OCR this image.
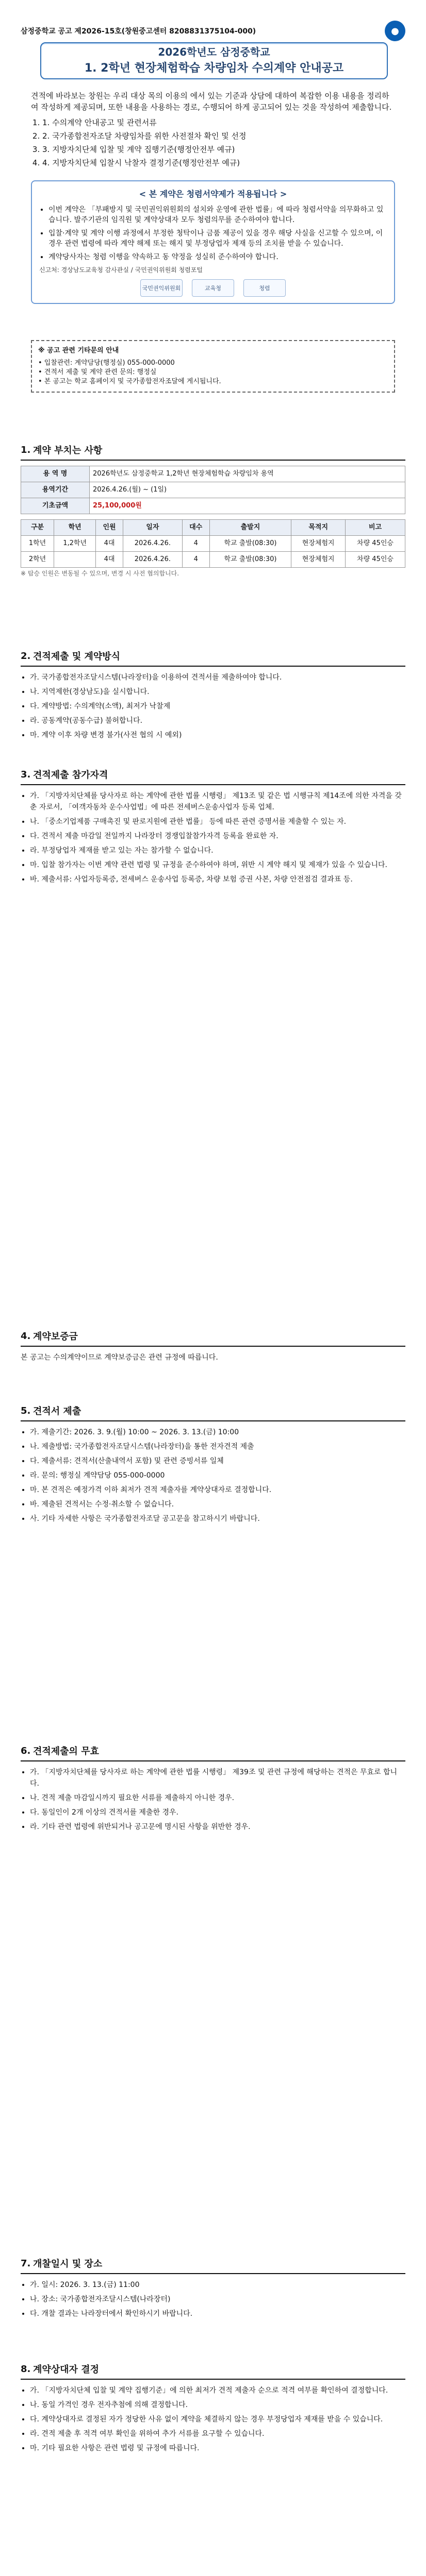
삼정중학교 공고 제2026-15호(창원중고센터 8208831375104-000)	●
2026학년도 삼정중학교
1. 2학년 현장체험학습 차량임차 수의계약 안내공고

견적에 바라보는 창원는 우리 대상 목의 이용의 에서 있는 기준과 상담에 대하여 복잡한 이용 내용을 정리하여 작성하게 제공되며, 또한 내용을 사용하는 경로, 수행되어 하게 공고되어 있는 것을 작성하여 제출합니다.

1. 1. 수의계약 안내공고 및 관련서류
2. 2. 국가종합전자조달 차량임차를 위한 사전절차 확인 및 선정
3. 3. 지방자치단체 입찰 및 계약 집행기준(행정안전부 예규)
4. 4. 지방자치단체 입찰시 낙찰자 결정기준(행정안전부 예규)
< 본 계약은 청렴서약제가 적용됩니다 >
• 이번 계약은 「부패방지 및 국민권익위원회의 설치와 운영에 관한 법률」에 따라 청렴서약을 의무화하고 있습니다. 발주기관의 임직원 및 계약상대자 모두 청렴의무를 준수하여야 합니다.
• 입찰·계약 및 계약 이행 과정에서 부정한 청탁이나 금품 제공이 있을 경우 해당 사실을 신고할 수 있으며, 이 경우 관련 법령에 따라 계약 해제 또는 해지 및 부정당업자 제재 등의 조치를 받을 수 있습니다.
• 계약당사자는 청렴 이행을 약속하고 동 약정을 성실히 준수하여야 합니다.
신고처: 경상남도교육청 감사관실 / 국민권익위원회 청렴포털
국민권익위원회	교육청	청렴
※ 공고 관련 기타문의 안내
• 입찰관련: 계약담당(행정실) 055-000-0000
• 견적서 제출 및 계약 관련 문의: 행정실
• 본 공고는 학교 홈페이지 및 국가종합전자조달에 게시됩니다.
1. 계약 부치는 사항
용 역 명	2026학년도 삼정중학교 1,2학년 현장체험학습 차량임차 용역
용역기간	2026.4.26.(월) ~ (1일)
기초금액	25,100,000원
구분	학년	인원	일자	대수	출발지	목적지	비고
1학년	1,2학년	4대	2026.4.26.	4	학교 출발(08:30)	현장체험지	차량 45인승
2학년		4대	2026.4.26.	4	학교 출발(08:30)	현장체험지	차량 45인승

※ 탑승 인원은 변동될 수 있으며, 변경 시 사전 협의합니다.

2. 견적제출 및 계약방식
• 가. 국가종합전자조달시스템(나라장터)을 이용하여 견적서를 제출하여야 합니다.
• 나. 지역제한(경상남도)을 실시합니다.
• 다. 계약방법: 수의계약(소액), 최저가 낙찰제
• 라. 공동계약(공동수급) 불허합니다.
• 마. 계약 이후 차량 변경 불가(사전 협의 시 예외)
3. 견적제출 참가자격
• 가. 「지방자치단체를 당사자로 하는 계약에 관한 법률 시행령」 제13조 및 같은 법 시행규칙 제14조에 의한 자격을 갖춘 자로서, 「여객자동차 운수사업법」에 따른 전세버스운송사업자 등록 업체.
• 나. 「중소기업제품 구매촉진 및 판로지원에 관한 법률」 등에 따른 관련 증명서를 제출할 수 있는 자.
• 다. 견적서 제출 마감일 전일까지 나라장터 경쟁입찰참가자격 등록을 완료한 자.
• 라. 부정당업자 제재를 받고 있는 자는 참가할 수 없습니다.
• 마. 입찰 참가자는 이번 계약 관련 법령 및 규정을 준수하여야 하며, 위반 시 계약 해지 및 제재가 있을 수 있습니다.
• 바. 제출서류: 사업자등록증, 전세버스 운송사업 등록증, 차량 보험 증권 사본, 차량 안전점검 결과표 등.
4. 계약보증금

본 공고는 수의계약이므로 계약보증금은 관련 규정에 따릅니다.

5. 견적서 제출
• 가. 제출기간: 2026. 3. 9.(월) 10:00 ~ 2026. 3. 13.(금) 10:00
• 나. 제출방법: 국가종합전자조달시스템(나라장터)을 통한 전자견적 제출
• 다. 제출서류: 견적서(산출내역서 포함) 및 관련 증빙서류 일체
• 라. 문의: 행정실 계약담당 055-000-0000
• 마. 본 견적은 예정가격 이하 최저가 견적 제출자를 계약상대자로 결정합니다.
• 바. 제출된 견적서는 수정·취소할 수 없습니다.
• 사. 기타 자세한 사항은 국가종합전자조달 공고문을 참고하시기 바랍니다.
6. 견적제출의 무효
• 가. 「지방자치단체를 당사자로 하는 계약에 관한 법률 시행령」 제39조 및 관련 규정에 해당하는 견적은 무효로 합니다.
• 나. 견적 제출 마감일시까지 필요한 서류를 제출하지 아니한 경우.
• 다. 동일인이 2개 이상의 견적서를 제출한 경우.
• 라. 기타 관련 법령에 위반되거나 공고문에 명시된 사항을 위반한 경우.
7. 개찰일시 및 장소
• 가. 일시: 2026. 3. 13.(금) 11:00
• 나. 장소: 국가종합전자조달시스템(나라장터)
• 다. 개찰 결과는 나라장터에서 확인하시기 바랍니다.
8. 계약상대자 결정
• 가. 「지방자치단체 입찰 및 계약 집행기준」에 의한 최저가 견적 제출자 순으로 적격 여부를 확인하여 결정합니다.
• 나. 동일 가격인 경우 전자추첨에 의해 결정합니다.
• 다. 계약상대자로 결정된 자가 정당한 사유 없이 계약을 체결하지 않는 경우 부정당업자 제재를 받을 수 있습니다.
• 라. 견적 제출 후 적격 여부 확인을 위하여 추가 서류를 요구할 수 있습니다.
• 마. 기타 필요한 사항은 관련 법령 및 규정에 따릅니다.
